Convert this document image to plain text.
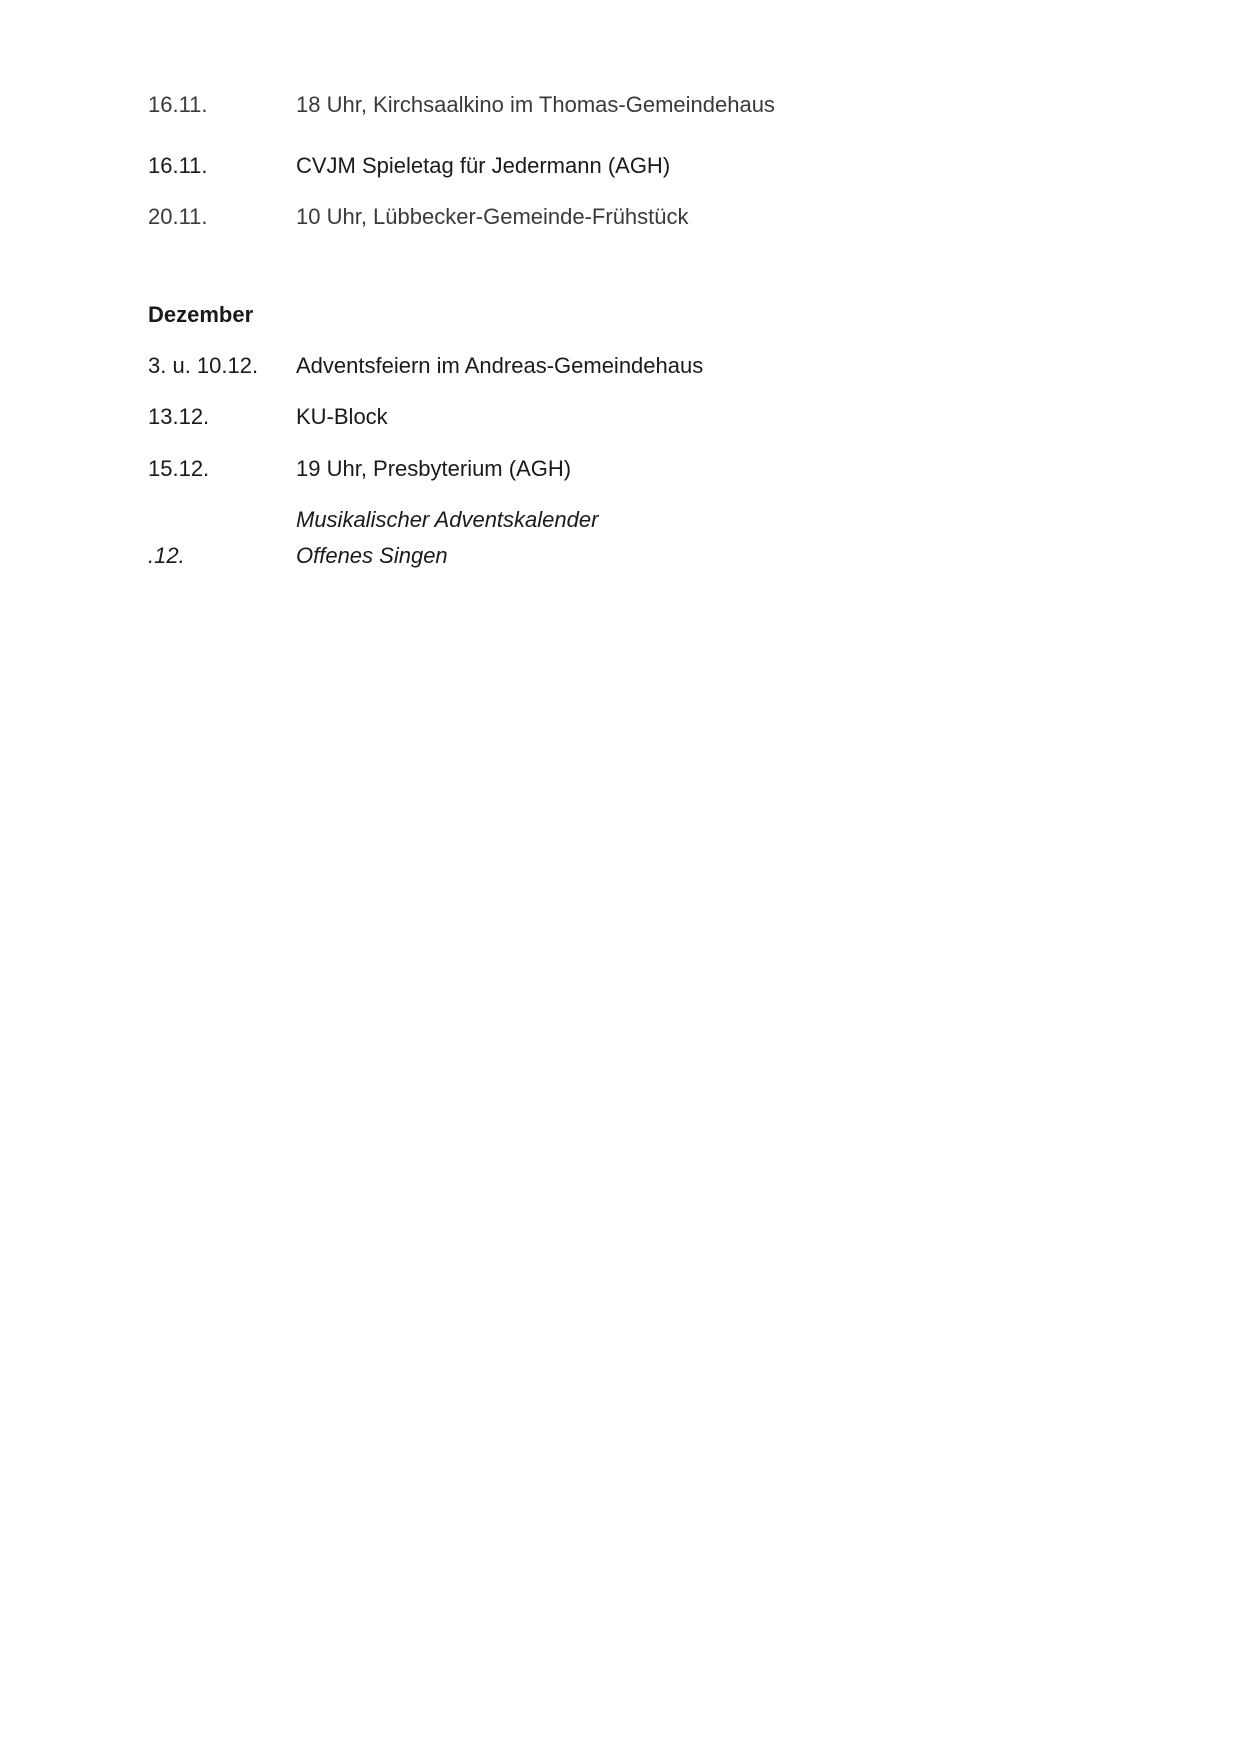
16.11.	18 Uhr, Kirchsaalkino im Thomas-Gemeindehaus
16.11.	CVJM Spieletag für Jedermann (AGH)
20.11.	10 Uhr, Lübbecker-Gemeinde-Frühstück
Dezember
3. u. 10.12. Adventsfeiern im Andreas-Gemeindehaus
13.12.	KU-Block
15.12.	19 Uhr, Presbyterium (AGH)
Musikalischer Adventskalender
.12.	Offenes Singen
